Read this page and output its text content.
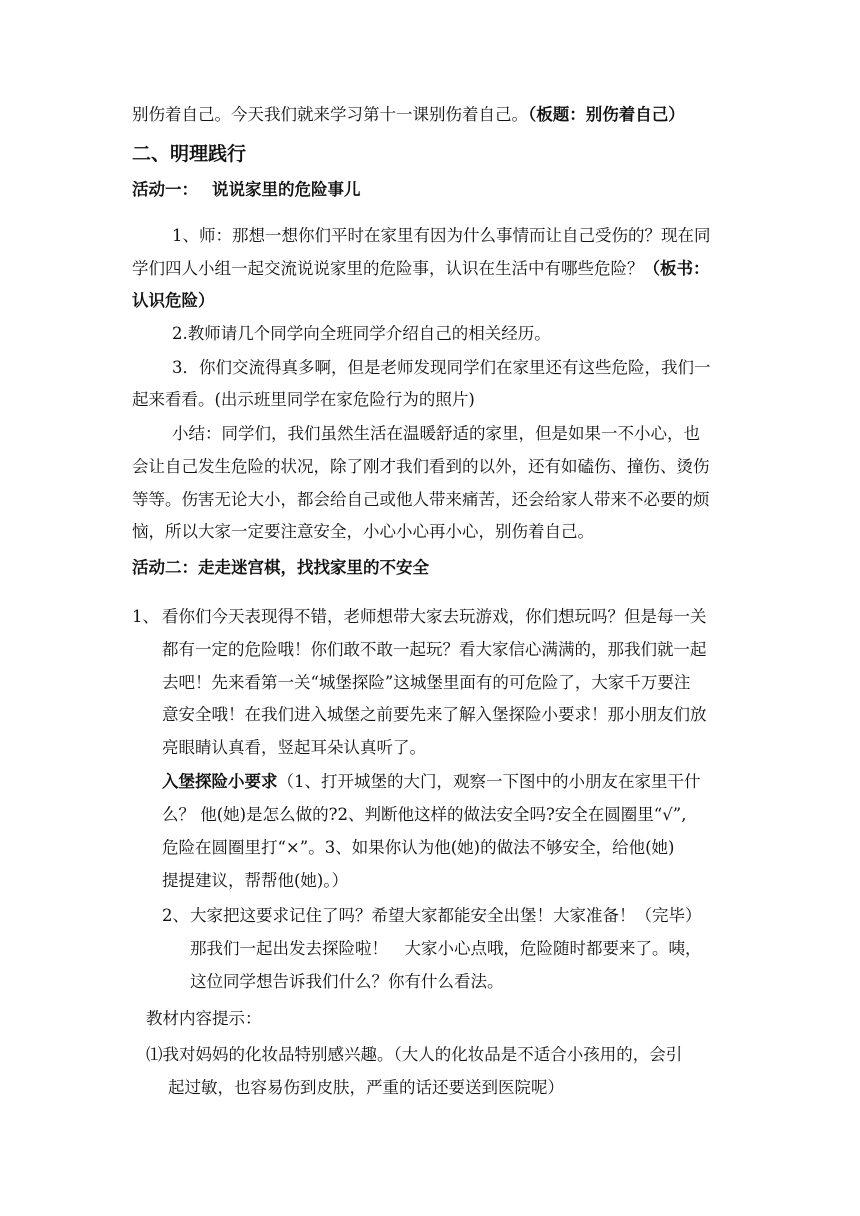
别伤着自己。今天我们就来学习第十一课别伤着自己。（板题：别伤着自己）
二、明理践行
活动一：　 说说家里的危险事儿
1、师：那想一想你们平时在家里有因为什么事情而让自己受伤的？现在同
学们四人小组一起交流说说家里的危险事，认识在生活中有哪些危险？（板书：
认识危险）
2.教师请几个同学向全班同学介绍自己的相关经历。
3．你们交流得真多啊，但是老师发现同学们在家里还有这些危险，我们一
起来看看。(出示班里同学在家危险行为的照片)
小结：同学们，我们虽然生活在温暖舒适的家里，但是如果一不小心，也
会让自己发生危险的状况，除了刚才我们看到的以外，还有如磕伤、撞伤、烫伤
等等。伤害无论大小，都会给自己或他人带来痛苦，还会给家人带来不必要的烦
恼，所以大家一定要注意安全，小心小心再小心，别伤着自己。
活动二：走走迷宫棋，找找家里的不安全
1、 看你们今天表现得不错，老师想带大家去玩游戏，你们想玩吗？但是每一关
都有一定的危险哦！你们敢不敢一起玩？看大家信心满满的，那我们就一起
去吧！先来看第一关“城堡探险”这城堡里面有的可危险了，大家千万要注
意安全哦！在我们进入城堡之前要先来了解入堡探险小要求！那小朋友们放
亮眼睛认真看，竖起耳朵认真听了。
入堡探险小要求（1、打开城堡的大门，观察一下图中的小朋友在家里干什
么？ 他(她)是怎么做的?2、判断他这样的做法安全吗?安全在圆圈里“√”,
危险在圆圈里打“×”。3、如果你认为他(她)的做法不够安全，给他(她)
提提建议，帮帮他(她)。）
2、 大家把这要求记住了吗？希望大家都能安全出堡！大家准备！（完毕）
那我们一起出发去探险啦！　大家小心点哦，危险随时都要来了。咦，
这位同学想告诉我们什么？你有什么看法。
教材内容提示：
⑴我对妈妈的化妆品特别感兴趣。（大人的化妆品是不适合小孩用的，会引
起过敏，也容易伤到皮肤，严重的话还要送到医院呢）
